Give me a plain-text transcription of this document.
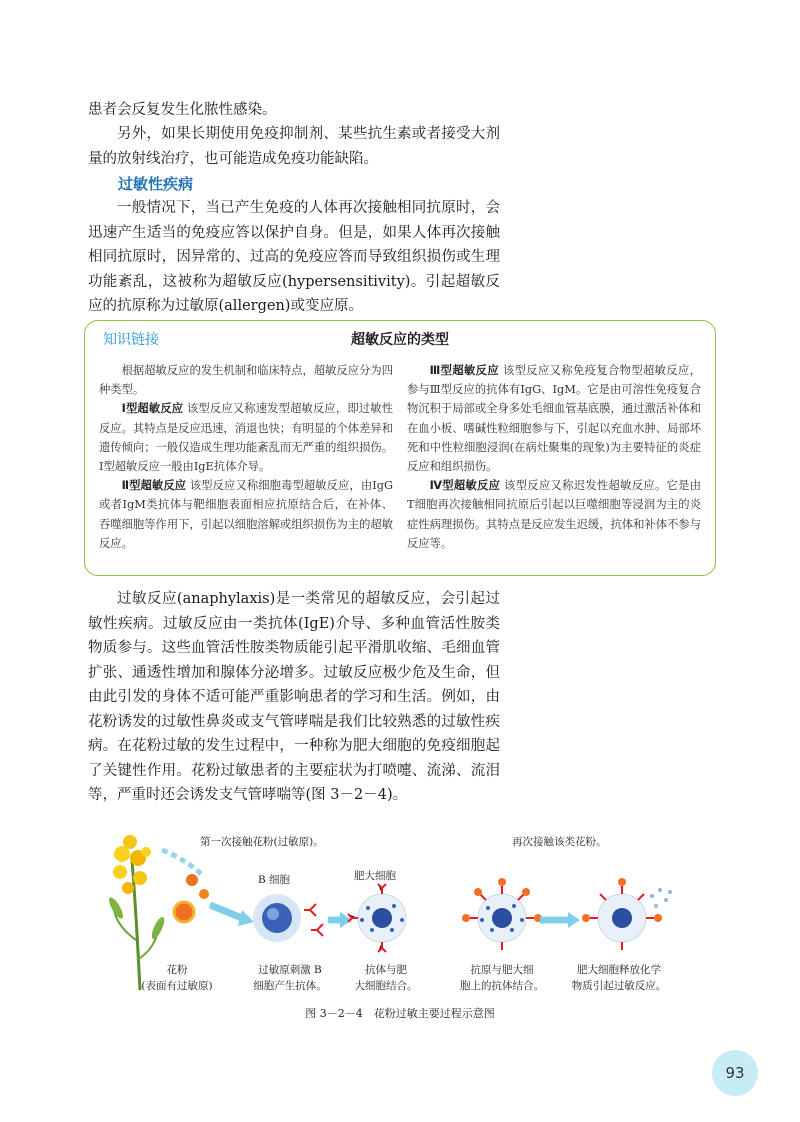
患者会反复发生化脓性感染。

另外，如果长期使用免疫抑制剂、某些抗生素或者接受大剂量的放射线治疗，也可能造成免疫功能缺陷。

过敏性疾病

一般情况下，当已产生免疫的人体再次接触相同抗原时，会迅速产生适当的免疫应答以保护自身。但是，如果人体再次接触相同抗原时，因异常的、过高的免疫应答而导致组织损伤或生理功能紊乱，这被称为超敏反应(hypersensitivity)。引起超敏反应的抗原称为过敏原(allergen)或变应原。

知识链接	超敏反应的类型

根据超敏反应的发生机制和临床特点，超敏反应分为四种类型。

Ⅰ型超敏反应 该型反应又称速发型超敏反应，即过敏性反应。其特点是反应迅速，消退也快；有明显的个体差异和遗传倾向；一般仅造成生理功能紊乱而无严重的组织损伤。Ⅰ型超敏反应一般由IgE抗体介导。

Ⅱ型超敏反应 该型反应又称细胞毒型超敏反应，由IgG或者IgM类抗体与靶细胞表面相应抗原结合后，在补体、吞噬细胞等作用下，引起以细胞溶解或组织损伤为主的超敏反应。

Ⅲ型超敏反应 该型反应又称免疫复合物型超敏反应，参与Ⅲ型反应的抗体有IgG、IgM。它是由可溶性免疫复合物沉积于局部或全身多处毛细血管基底膜，通过激活补体和在血小板、嗜碱性粒细胞参与下，引起以充血水肿、局部坏死和中性粒细胞浸润(在病灶聚集的现象)为主要特征的炎症反应和组织损伤。

Ⅳ型超敏反应 该型反应又称迟发性超敏反应。它是由T细胞再次接触相同抗原后引起以巨噬细胞等浸润为主的炎症性病理损伤。其特点是反应发生迟缓，抗体和补体不参与反应等。

过敏反应(anaphylaxis)是一类常见的超敏反应，会引起过敏性疾病。过敏反应由一类抗体(IgE)介导、多种血管活性胺类物质参与。这些血管活性胺类物质能引起平滑肌收缩、毛细血管扩张、通透性增加和腺体分泌增多。过敏反应极少危及生命，但由此引发的身体不适可能严重影响患者的学习和生活。例如，由花粉诱发的过敏性鼻炎或支气管哮喘是我们比较熟悉的过敏性疾病。在花粉过敏的发生过程中，一种称为肥大细胞的免疫细胞起了关键性作用。花粉过敏患者的主要症状为打喷嚏、流涕、流泪等，严重时还会诱发支气管哮喘等(图 3－2－4)。

第一次接触花粉(过敏原)。	再次接触该类花粉。
B 细胞	肥大细胞
花粉
(表面有过敏原)
过敏原刺激 B
细胞产生抗体。
抗体与肥
大细胞结合。
抗原与肥大细
胞上的抗体结合。
肥大细胞释放化学
物质引起过敏反应。
图 3－2－4　花粉过敏主要过程示意图
93
